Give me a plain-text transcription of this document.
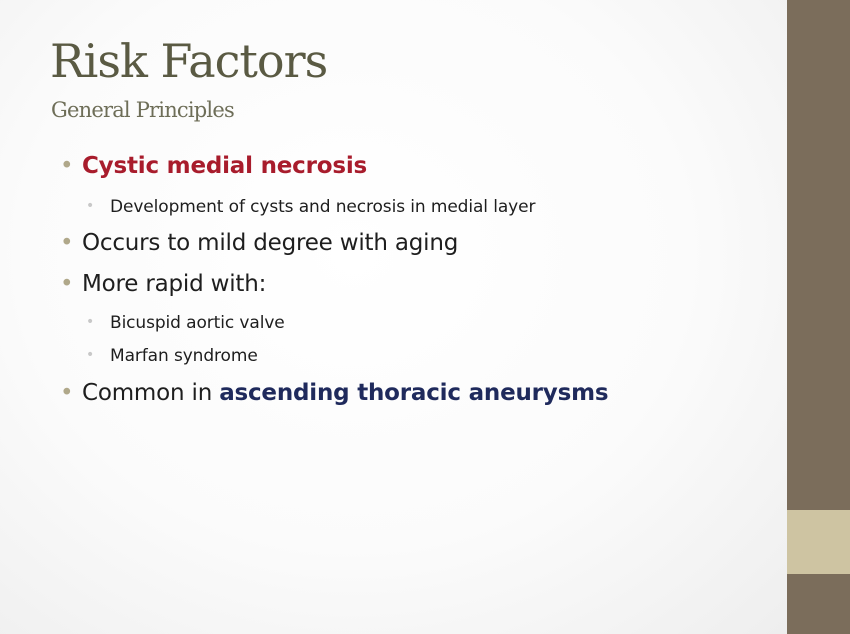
Risk Factors
General Principles
• Cystic medial necrosis
• Development of cysts and necrosis in medial layer
• Occurs to mild degree with aging
• More rapid with:
• Bicuspid aortic valve
• Marfan syndrome
• Common in ascending thoracic aneurysms
